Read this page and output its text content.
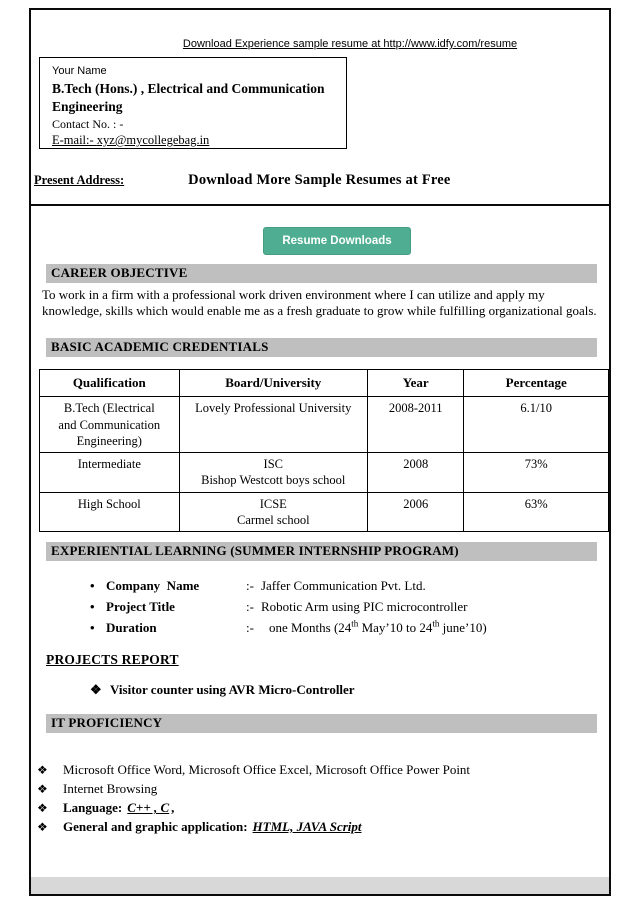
Download Experience sample resume at http://www.idfy.com/resume
Your Name
B.Tech (Hons.) , Electrical and Communication
Engineering
Contact No. : -
E-mail:- xyz@mycollegebag.in
Present Address:	Download More Sample Resumes at Free
Resume Downloads
CAREER OBJECTIVE
To work in a firm with a professional work driven environment where I can utilize and apply my knowledge, skills which would enable me as a fresh graduate to grow while fulfilling organizational goals.
BASIC ACADEMIC CREDENTIALS
Qualification	Board/University	Year	Percentage

B.Tech (Electrical
and Communication
Engineering)	Lovely Professional University	2008-2011	6.1/10

Intermediate	ISC
Bishop Westcott boys school	2008	73%

High School	ICSE
Carmel school	2006	63%
EXPERIENTIAL LEARNING (SUMMER INTERNSHIP PROGRAM)
• Company  Name	:- Jaffer Communication Pvt. Ltd.
• Project Title	:- Robotic Arm using PIC microcontroller
• Duration	:- one Months (24th May’10 to 24th june’10)
PROJECTS REPORT
❖ Visitor counter using AVR Micro-Controller
IT PROFICIENCY
❖	Microsoft Office Word, Microsoft Office Excel, Microsoft Office Power Point
❖	Internet Browsing
❖	Language: C++ , C ,
❖	General and graphic application: HTML, JAVA Script
